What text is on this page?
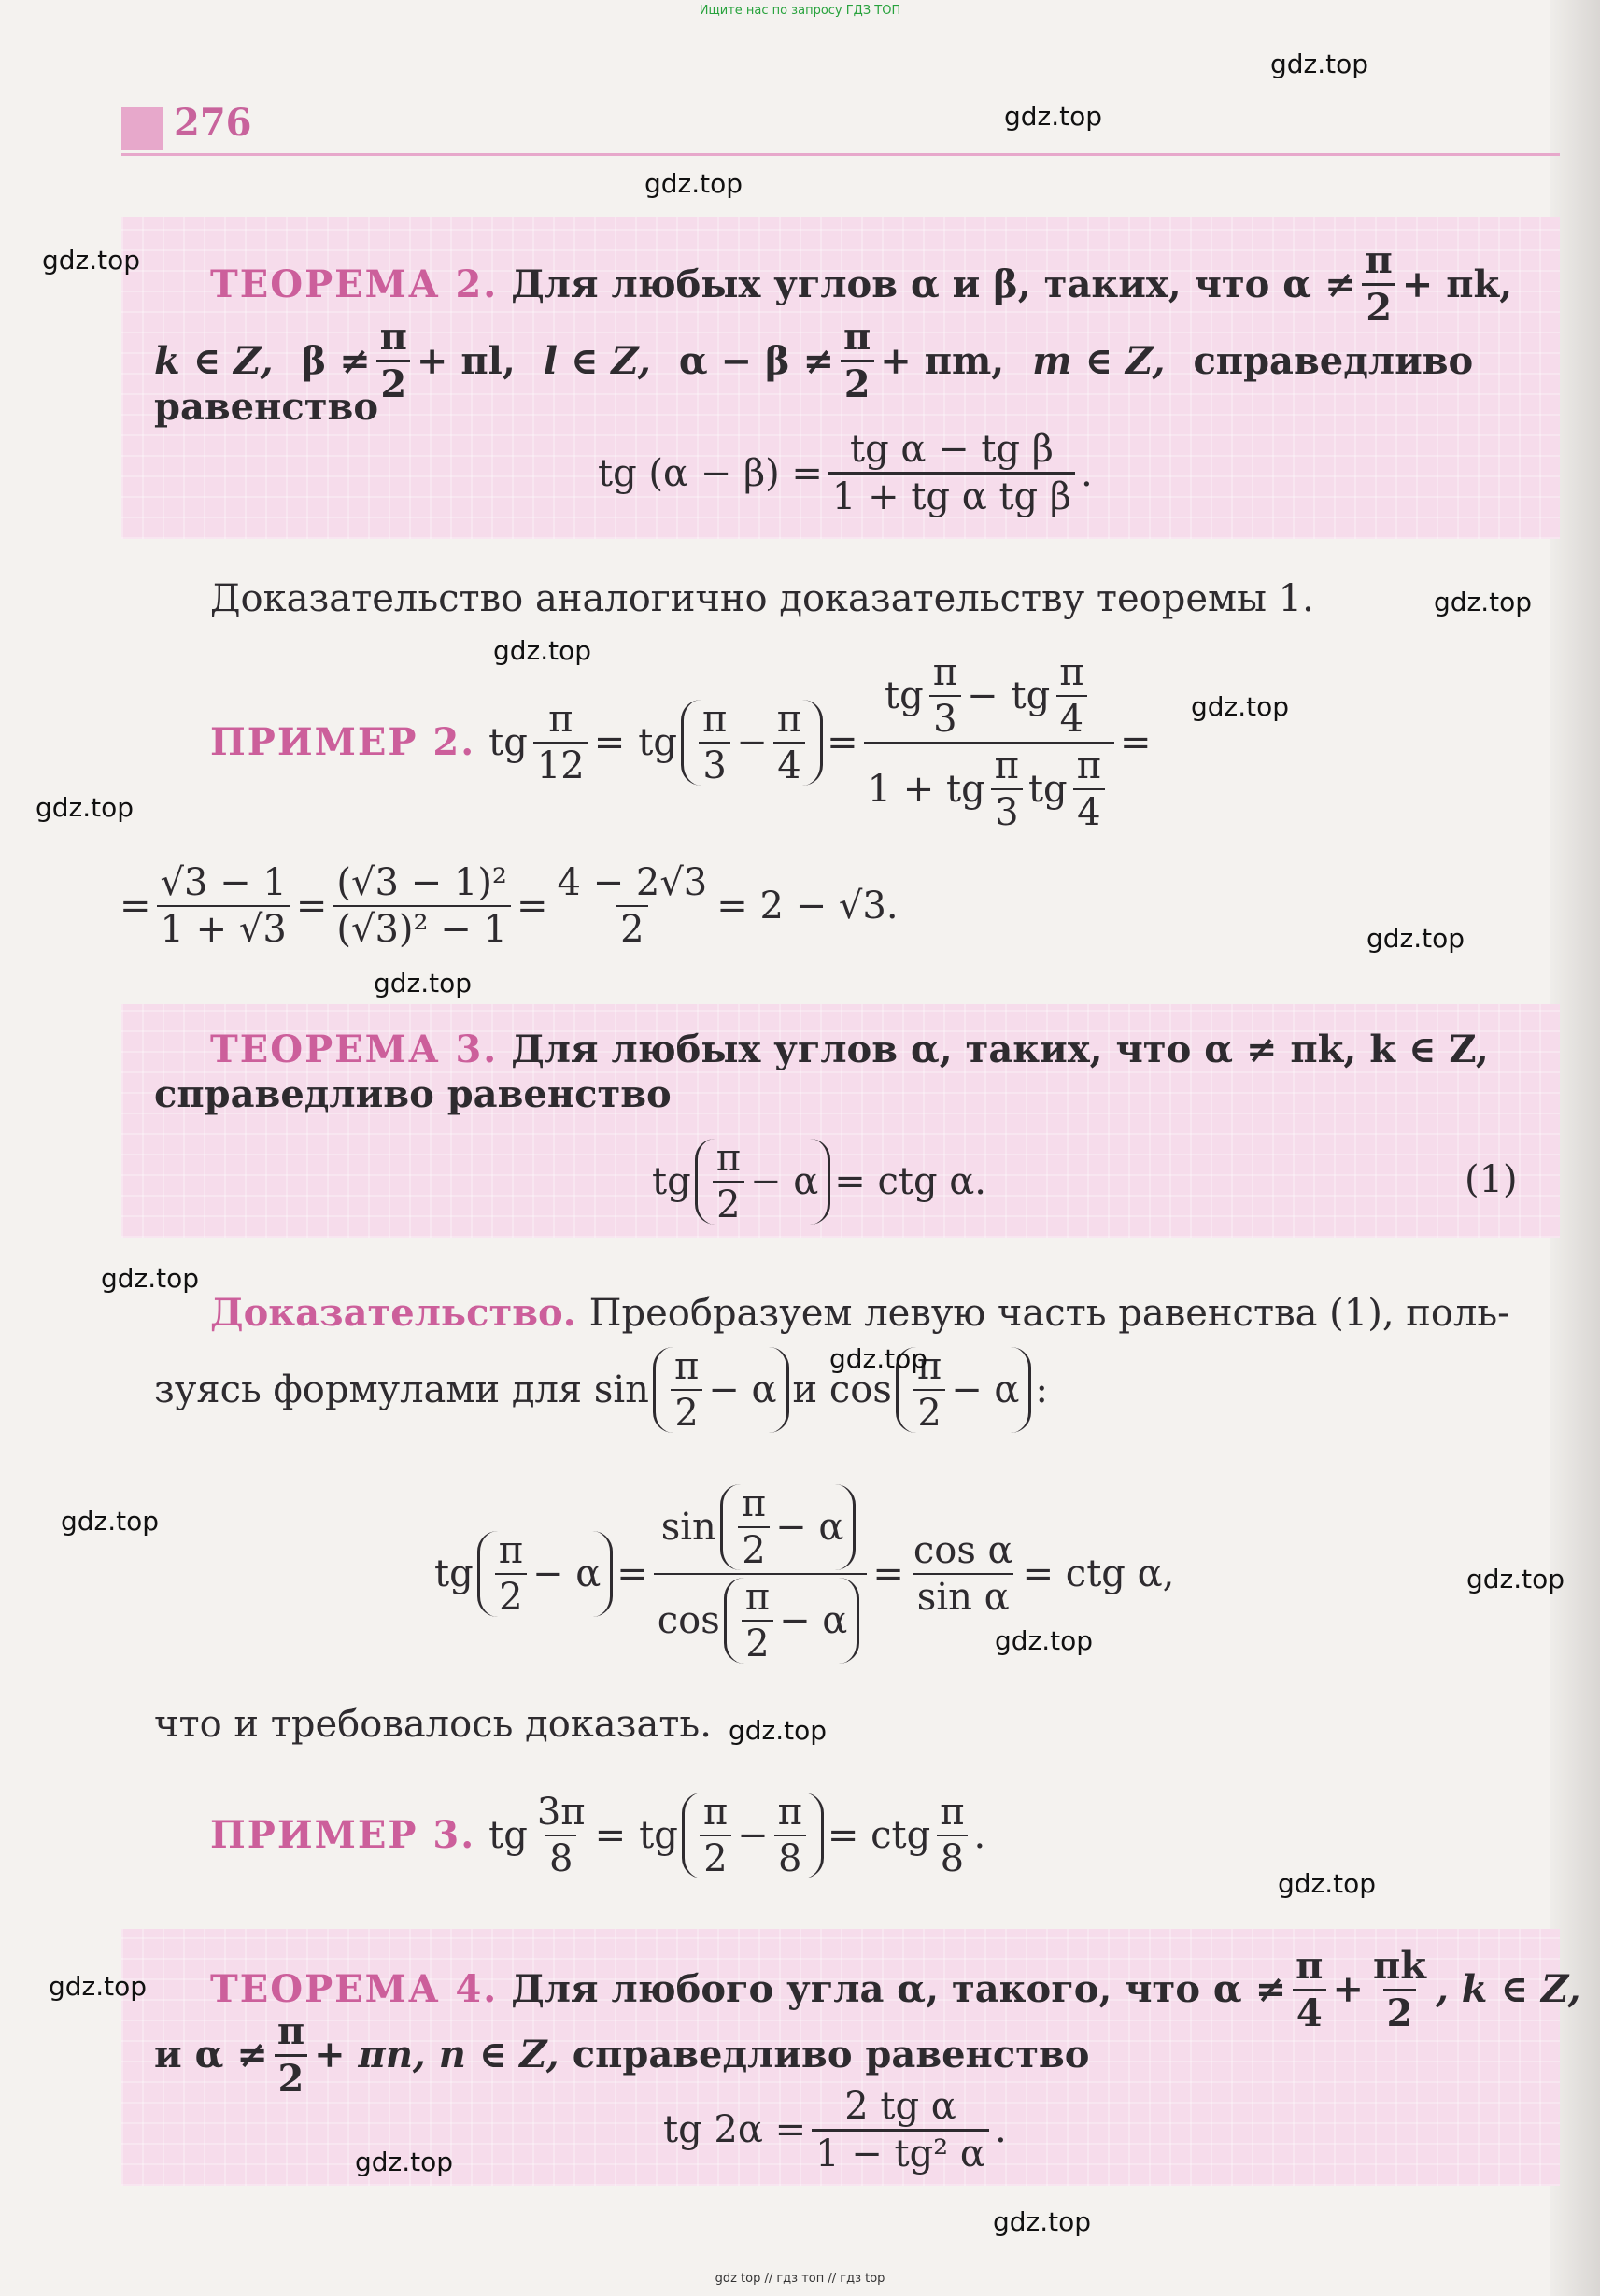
Ищите нас по запросу ГДЗ ТОП
276
ТЕОРЕМА 2. Для любых углов α и β, таких, что $\alpha \ne \frac{\pi}{2} + \pi k$,
k ∈ Z, $\beta \ne \frac{\pi}{2} + \pi l$, l ∈ Z, $\alpha - \beta \ne \frac{\pi}{2} + \pi m$, m ∈ Z, справедливо
равенство
tg $(\alpha - \beta) = \frac{\text{tg α − tg β}}{\text{1 + tg α tg β}}$ .
Доказательство аналогично доказательству теоремы 1.
ПРИМЕР 2. tg $\frac{\pi}{12}$ = tg $\frac{\pi}{3} - \frac{\pi}{4} = \frac{tg \frac{\pi}{3} - tg \frac{\pi}{4}}{1 + tg \frac{\pi}{3} tg \frac{\pi}{4}}$ =
= $\frac{√3 - 1}{1 + √3} = \frac{\text{(√3 − 1)²}}{\text{(√3)² − 1}} = \frac{4 - 2√3}{2} = 2 - √3$.
ТЕОРЕМА 3. Для любых углов α, таких, что α ≠ πk, k ∈ Z,
справедливо равенство
tg $\frac{\pi}{2} - \alpha$ = ctg α.	(1)
Доказательство. Преобразуем левую часть равенства (1), поль-
зуясь формулами для $\sin \frac{\pi}{2} - \alpha$ и $\cos \frac{\pi}{2} - \alpha$ :
tg $\frac{\pi}{2} - \alpha = \frac{\sin \frac{\pi}{2} - \alpha}{\cos \frac{\pi}{2} - \alpha} = \frac{\text{cos α}}{\text{sin α}}$ = ctg α,
что и требовалось доказать.
ПРИМЕР 3. tg $\frac{3\pi}{8}$ = tg $\frac{\pi}{2} - \frac{\pi}{8}$ = ctg $\frac{\pi}{8}$ .
ТЕОРЕМА 4. Для любого угла α, такого, что $\alpha \ne \frac{\pi}{4} + \frac{\pi k}{2}$ , k ∈ Z,
и $\alpha \ne \frac{\pi}{2} + \pi n$, n ∈ Z, справедливо равенство
tg $2\alpha = \frac{\text{2 tg α}}{\text{1 − tg² α}}$ .
gdz.top
gdz.top
gdz.top
gdz.top
gdz.top
gdz.top
gdz.top
gdz.top
gdz.top
gdz.top
gdz.top
gdz.top
gdz.top
gdz.top
gdz.top
gdz.top
gdz.top
gdz.top
gdz.top
gdz.top
gdz top // гдз топ // гдз top
